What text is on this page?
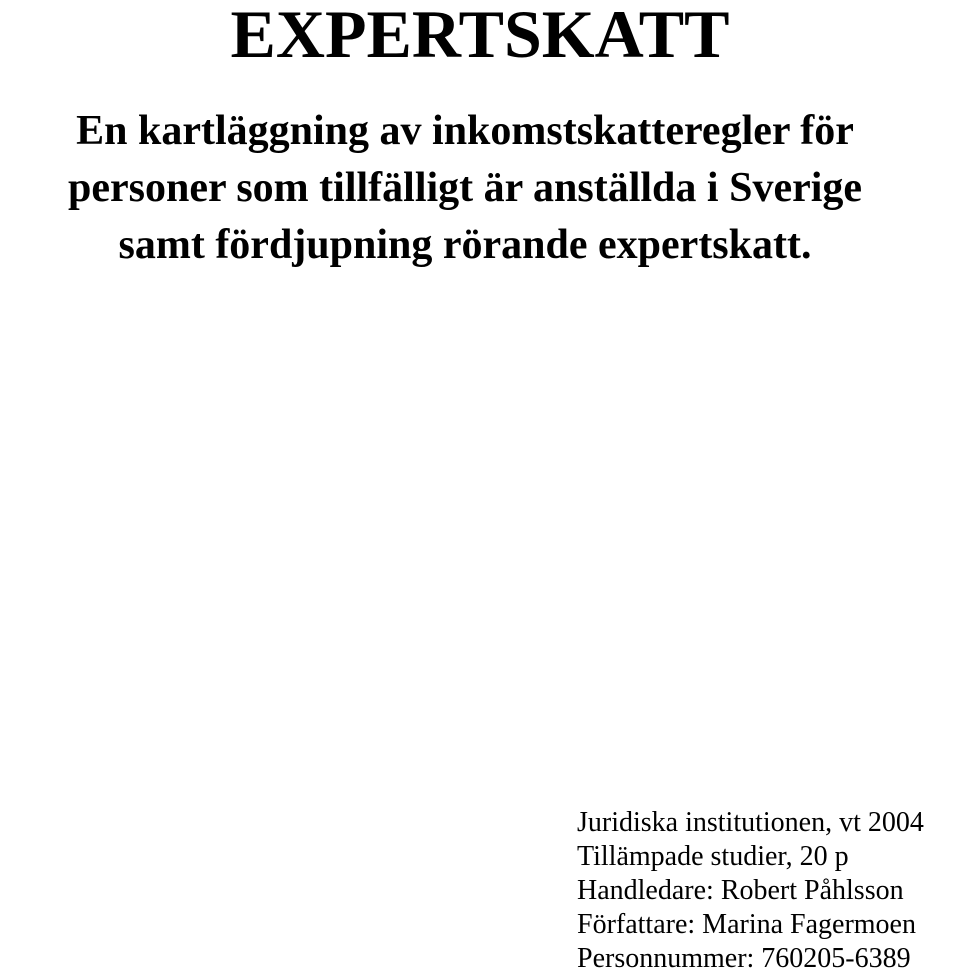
EXPERTSKATT
En kartläggning av inkomstskatteregler för
personer som tillfälligt är anställda i Sverige
samt fördjupning rörande expertskatt.
Juridiska institutionen, vt 2004
Tillämpade studier, 20 p
Handledare: Robert Påhlsson
Författare: Marina Fagermoen
Personnummer: 760205-6389
